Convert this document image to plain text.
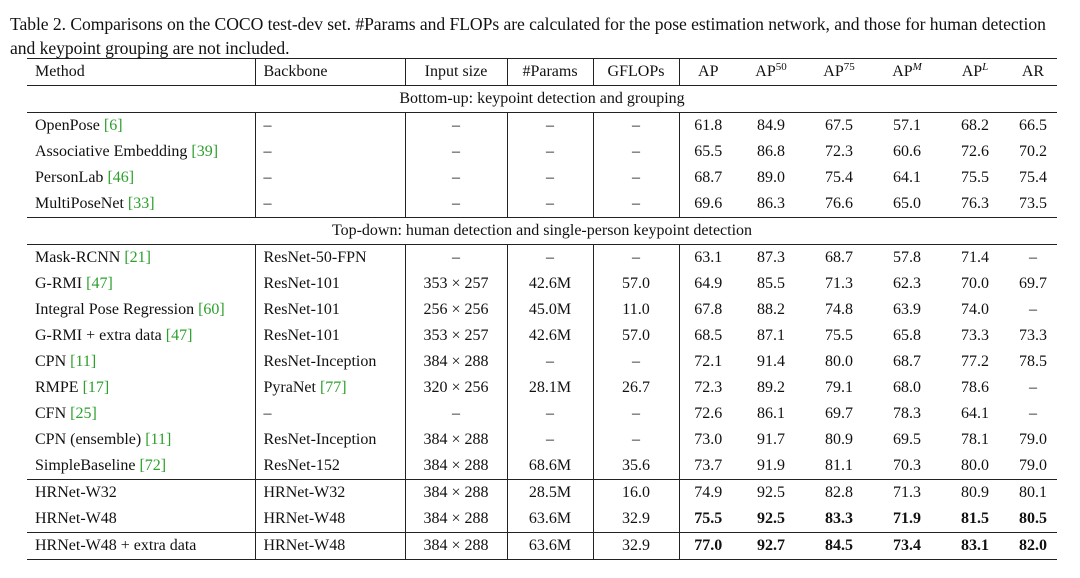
Table 2. Comparisons on the COCO test-dev set. #Params and FLOPs are calculated for the pose estimation network, and those for human detection and keypoint grouping are not included.
Method	Backbone	Input size	#Params	GFLOPs	AP	AP$^{50}$	AP$^{75}$	$AP^M$	$AP^L$	AR
Bottom-up: keypoint detection and grouping										
OpenPose [6]	–	–	–	–	61.8	84.9	67.5	57.1	68.2	66.5
Associative Embedding [39]	–	–	–	–	65.5	86.8	72.3	60.6	72.6	70.2
PersonLab [46]	–	–	–	–	68.7	89.0	75.4	64.1	75.5	75.4
MultiPoseNet [33]	–	–	–	–	69.6	86.3	76.6	65.0	76.3	73.5
Top-down: human detection and single-person keypoint detection										
Mask-RCNN [21]	ResNet-50-FPN	–	–	–	63.1	87.3	68.7	57.8	71.4	–
G-RMI [47]	ResNet-101	353 × 257	42.6M	57.0	64.9	85.5	71.3	62.3	70.0	69.7
Integral Pose Regression [60]	ResNet-101	256 × 256	45.0M	11.0	67.8	88.2	74.8	63.9	74.0	–
G-RMI + extra data [47]	ResNet-101	353 × 257	42.6M	57.0	68.5	87.1	75.5	65.8	73.3	73.3
CPN [11]	ResNet-Inception	384 × 288	–	–	72.1	91.4	80.0	68.7	77.2	78.5
RMPE [17]	PyraNet [77]	320 × 256	28.1M	26.7	72.3	89.2	79.1	68.0	78.6	–
CFN [25]	–	–	–	–	72.6	86.1	69.7	78.3	64.1	–
CPN (ensemble) [11]	ResNet-Inception	384 × 288	–	–	73.0	91.7	80.9	69.5	78.1	79.0
SimpleBaseline [72]	ResNet-152	384 × 288	68.6M	35.6	73.7	91.9	81.1	70.3	80.0	79.0
HRNet-W32	HRNet-W32	384 × 288	28.5M	16.0	74.9	92.5	82.8	71.3	80.9	80.1
HRNet-W48	HRNet-W48	384 × 288	63.6M	32.9	75.5	92.5	83.3	71.9	81.5	80.5
HRNet-W48 + extra data	HRNet-W48	384 × 288	63.6M	32.9	77.0	92.7	84.5	73.4	83.1	82.0
